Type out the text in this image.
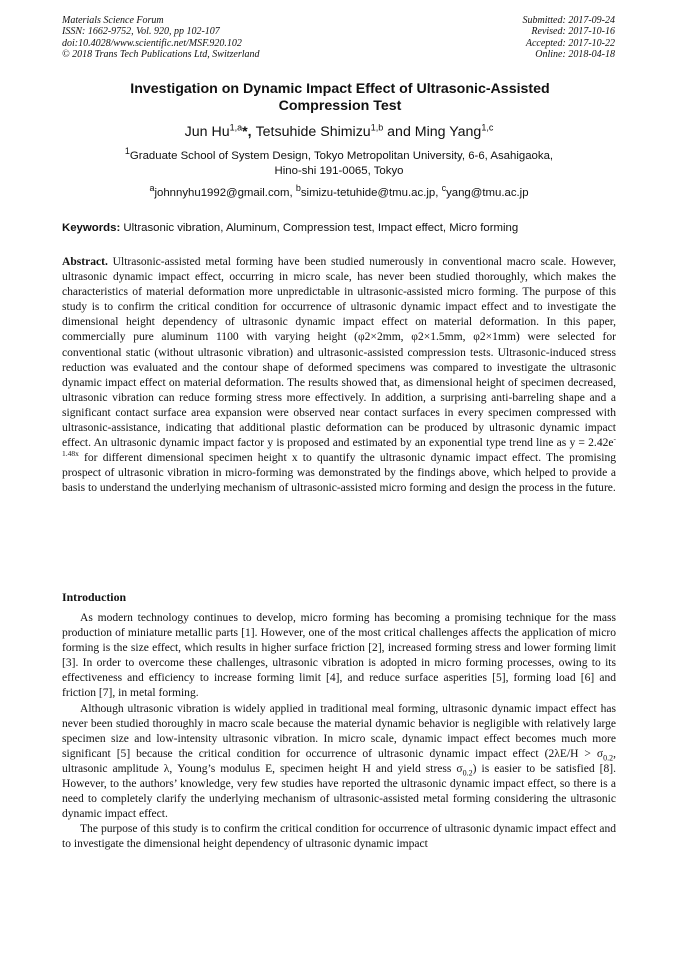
Materials Science Forum
ISSN: 1662-9752, Vol. 920, pp 102-107
doi:10.4028/www.scientific.net/MSF.920.102
© 2018 Trans Tech Publications Ltd, Switzerland
Submitted: 2017-09-24
Revised: 2017-10-16
Accepted: 2017-10-22
Online: 2018-04-18
Investigation on Dynamic Impact Effect of Ultrasonic-Assisted
Compression Test
Jun Hu$^{1,a}$*, Tetsuhide Shimizu$^{1,b}$ and Ming Yang$^{1,c}$
$^1$Graduate School of System Design, Tokyo Metropolitan University, 6-6, Asahigaoka,
Hino-shi 191-0065, Tokyo
$^a$johnnyhu1992@gmail.com, $^b$simizu-tetuhide@tmu.ac.jp, $^c$yang@tmu.ac.jp
Keywords: Ultrasonic vibration, Aluminum, Compression test, Impact effect, Micro forming

Abstract. Ultrasonic-assisted metal forming have been studied numerously in conventional macro scale. However, ultrasonic dynamic impact effect, occurring in micro scale, has never been studied thoroughly, which makes the characteristics of material deformation more unpredictable in ultrasonic-assisted micro forming. The purpose of this study is to confirm the critical condition for occurrence of ultrasonic dynamic impact effect and to investigate the dimensional height dependency of ultrasonic dynamic impact effect on material deformation. In this paper, commercially pure aluminum 1100 with varying height (φ2×2mm, φ2×1.5mm, φ2×1mm) were selected for conventional static (without ultrasonic vibration) and ultrasonic-assisted compression tests. Ultrasonic-induced stress reduction was evaluated and the contour shape of deformed specimens was compared to investigate the ultrasonic dynamic impact effect on material deformation. The results showed that, as dimensional height of specimen decreased, ultrasonic vibration can reduce forming stress more effectively. In addition, a surprising anti-barreling shape and a significant contact surface area expansion were observed near contact surfaces in every specimen compressed with ultrasonic-assistance, indicating that additional plastic deformation can be produced by ultrasonic dynamic impact effect. An ultrasonic dynamic impact factor y is proposed and estimated by an exponential type trend line as $y = 2.42e^{-1.48x}$ for different dimensional specimen height x to quantify the ultrasonic dynamic impact effect. The promising prospect of ultrasonic vibration in micro-forming was demonstrated by the findings above, which helped to provide a basis to understand the underlying mechanism of ultrasonic-assisted micro forming and design the process in the future.

Introduction

As modern technology continues to develop, micro forming has becoming a promising technique for the mass production of miniature metallic parts [1]. However, one of the most critical challenges affects the application of micro forming is the size effect, which results in higher surface friction [2], increased forming stress and lower forming limit [3]. In order to overcome these challenges, ultrasonic vibration is adopted in micro forming processes, owing to its effectiveness and efficiency to increase forming limit [4], and reduce surface asperities [5], forming load [6] and friction [7], in metal forming.

Although ultrasonic vibration is widely applied in traditional meal forming, ultrasonic dynamic impact effect has never been studied thoroughly in macro scale because the material dynamic behavior is negligible with relatively large specimen size and low-intensity ultrasonic vibration. In micro scale, dynamic impact effect becomes much more significant [5] because the critical condition for occurrence of ultrasonic dynamic impact effect ($2\lambda E/H > \sigma_{0.2}$, ultrasonic amplitude λ, Young’s modulus E, specimen height H and yield stress $\sigma_{0.2}$) is easier to be satisfied [8]. However, to the authors’ knowledge, very few studies have reported the ultrasonic dynamic impact effect, so there is a need to completely clarify the underlying mechanism of ultrasonic-assisted metal forming considering the ultrasonic dynamic impact effect.

The purpose of this study is to confirm the critical condition for occurrence of ultrasonic dynamic impact effect and to investigate the dimensional height dependency of ultrasonic dynamic impact
